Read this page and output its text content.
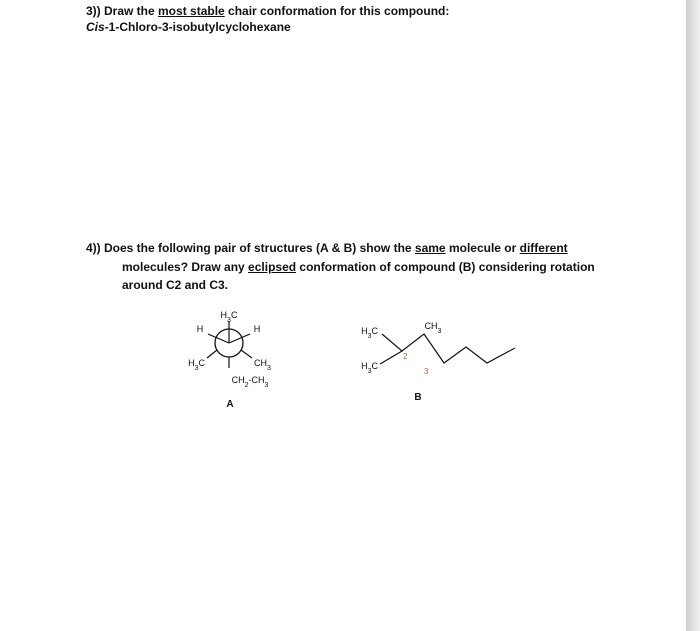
3)) Draw the most stable chair conformation for this compound:
Cis-1-Chloro-3-isobutylcyclohexane
4)) Does the following pair of structures (A & B) show the same molecule or different
molecules? Draw any eclipsed conformation of compound (B) considering rotation
around C2 and C3.
$H_3C$
H	H
$H_3C$	$CH_3$
$CH_2-CH_3$
A
$H_3C$
$H_3C$
$CH_3$
2
3
B
